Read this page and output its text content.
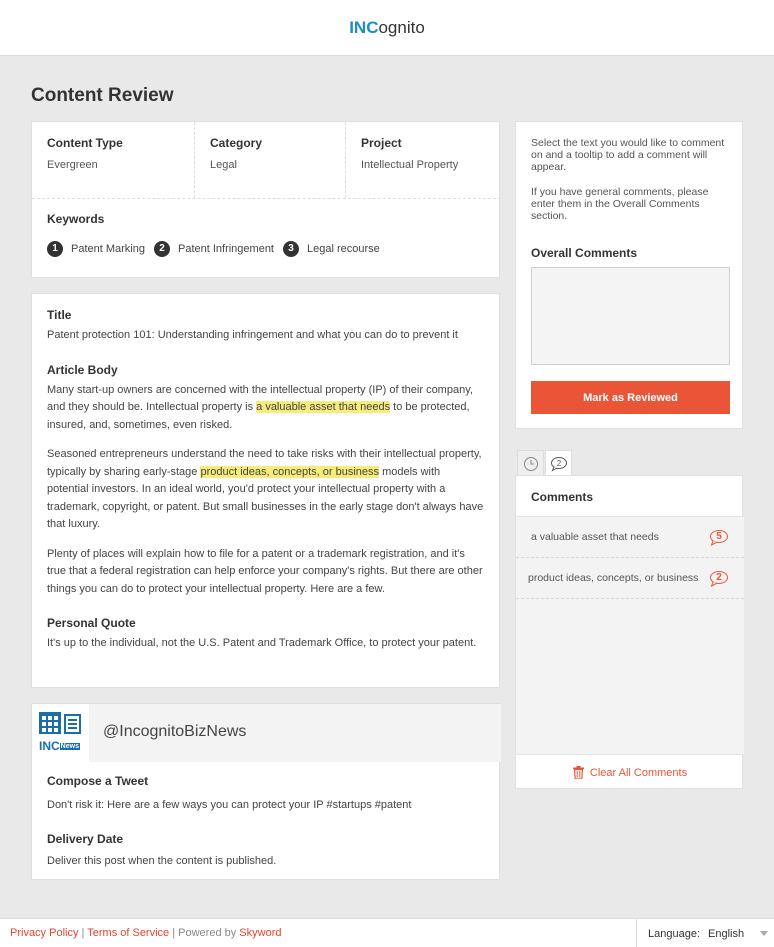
INCognito
Content Review
Content Type
Evergreen
Category
Legal
Project
Intellectual Property
Keywords
1	Patent Marking	2	Patent Infringement	3	Legal recourse
Title
Patent protection 101: Understanding infringement and what you can do to prevent it
Article Body
Many start-up owners are concerned with the intellectual property (IP) of their company, and they should be. Intellectual property is a valuable asset that needs to be protected, insured, and, sometimes, even risked.
Seasoned entrepreneurs understand the need to take risks with their intellectual property, typically by sharing early-stage product ideas, concepts, or business models with potential investors. In an ideal world, you'd protect your intellectual property with a trademark, copyright, or patent. But small businesses in the early stage don't always have that luxury.
Plenty of places will explain how to file for a patent or a trademark registration, and it's true that a federal registration can help enforce your company's rights. But there are other things you can do to protect your intellectual property. Here are a few.
Personal Quote
It's up to the individual, not the U.S. Patent and Trademark Office, to protect your patent.
INCNews
@IncognitoBizNews
Compose a Tweet
Don't risk it: Here are a few ways you can protect your IP #startups #patent
Delivery Date
Deliver this post when the content is published.
Select the text you would like to comment on and a tooltip to add a comment will appear.
If you have general comments, please enter them in the Overall Comments section.
Overall Comments
Mark as Reviewed
2
Comments
a valuable asset that needs	5
product ideas, concepts, or business	2
Clear All Comments
Privacy Policy | Terms of Service | Powered by Skyword	Language: English
